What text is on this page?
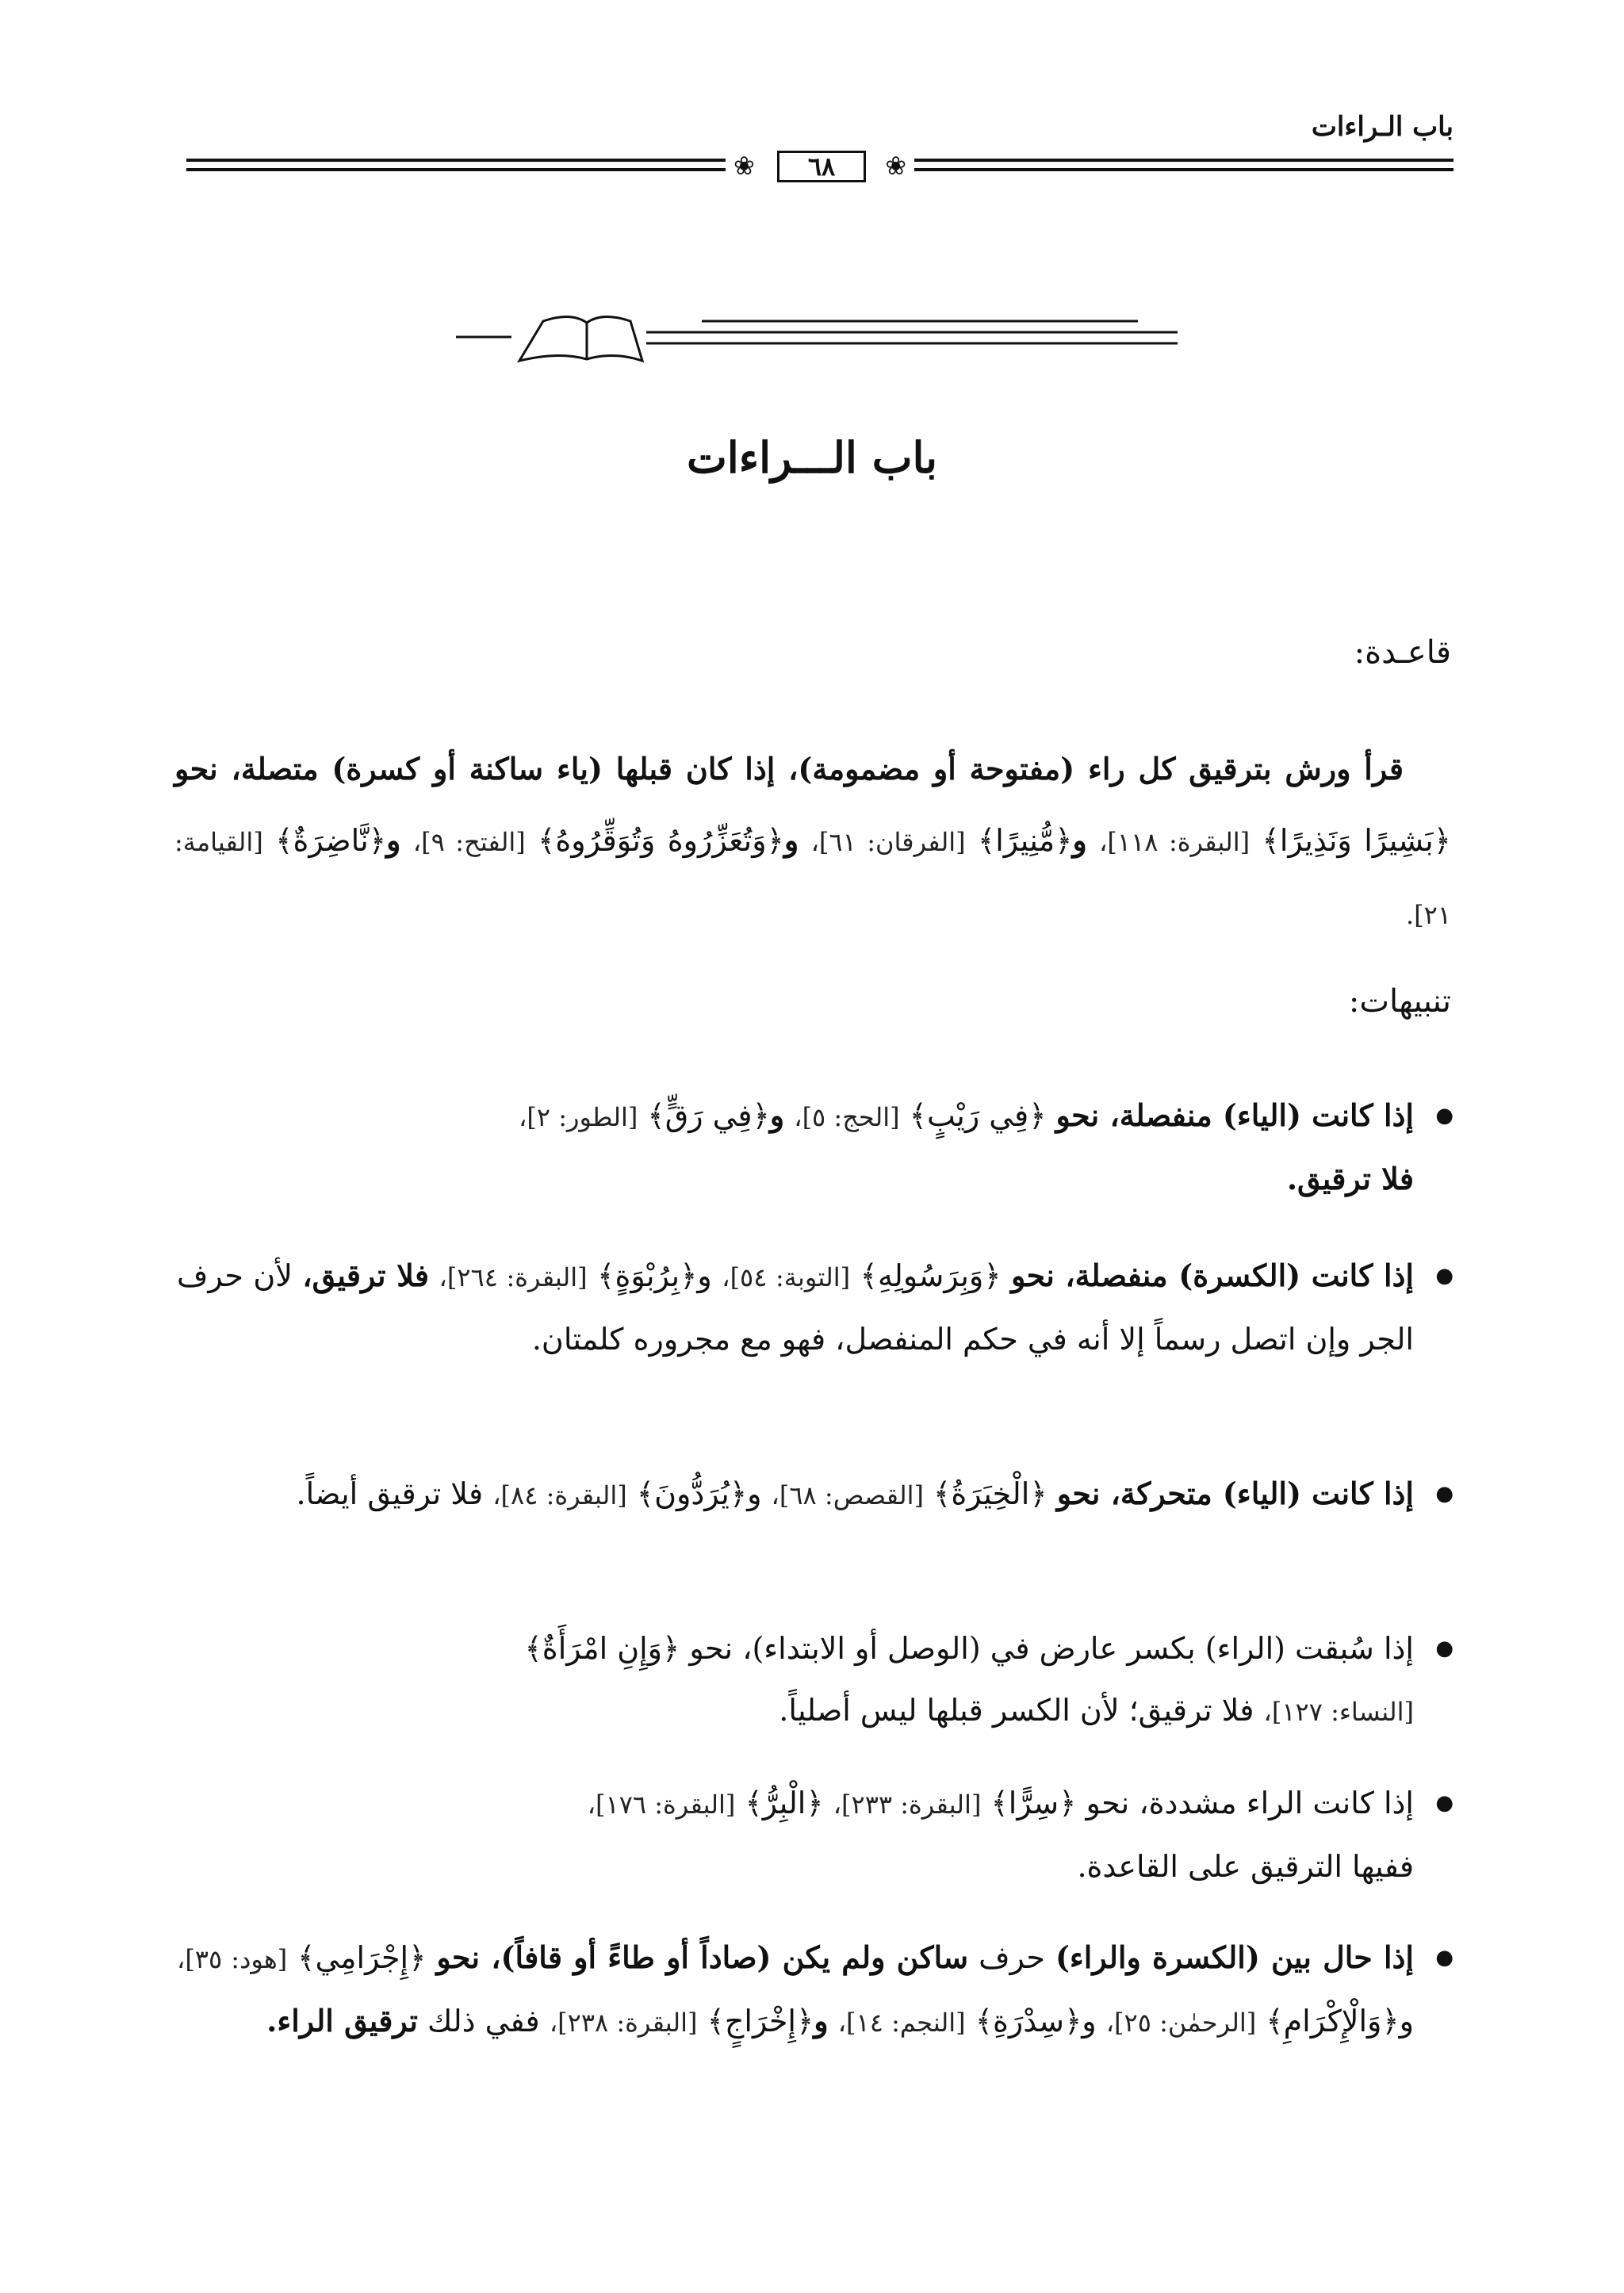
باب الـراءات
❀	٦٨	❀
باب الـــراءات
قاعـدة:

قرأ ورش بترقيق كل راء (مفتوحة أو مضمومة)، إذا كان قبلها (ياء ساكنة أو كسرة) متصلة، نحو ﴿بَشِيرًا وَنَذِيرًا﴾ [البقرة: ١١٨]، و﴿مُّنِيرًا﴾ [الفرقان: ٦١]، و﴿وَتُعَزِّرُوهُ وَتُوَقِّرُوهُ﴾ [الفتح: ٩]، و﴿نَّاضِرَةٌ﴾ [القيامة: ٢١].

تنبيهات:
● إذا كانت (الياء) منفصلة، نحو ﴿فِي رَيْبٍ﴾ [الحج: ٥]، و﴿فِي رَقٍّ﴾ [الطور: ٢]،
فلا ترقيق.
● إذا كانت (الكسرة) منفصلة، نحو ﴿وَبِرَسُولِهِ﴾ [التوبة: ٥٤]، و﴿بِرُبْوَةٍ﴾ [البقرة: ٢٦٤]، فلا ترقيق، لأن حرف الجر وإن اتصل رسماً إلا أنه في حكم المنفصل، فهو مع مجروره كلمتان.
● إذا كانت (الياء) متحركة، نحو ﴿الْخِيَرَةُ﴾ [القصص: ٦٨]، و﴿يُرَدُّونَ﴾ [البقرة: ٨٤]، فلا ترقيق أيضاً.
● إذا سُبقت (الراء) بكسر عارض في (الوصل أو الابتداء)، نحو ﴿وَإِنِ امْرَأَةٌ﴾
[النساء: ١٢٧]، فلا ترقيق؛ لأن الكسر قبلها ليس أصلياً.
● إذا كانت الراء مشددة، نحو ﴿سِرًّا﴾ [البقرة: ٢٣٣]، ﴿الْبِرُّ﴾ [البقرة: ١٧٦]،
ففيها الترقيق على القاعدة.
● إذا حال بين (الكسرة والراء) حرف ساكن ولم يكن (صاداً أو طاءً أو قافاً)، نحو ﴿إِجْرَامِي﴾ [هود: ٣٥]، و﴿وَالْإِكْرَامِ﴾ [الرحمٰن: ٢٥]، و﴿سِدْرَةِ﴾ [النجم: ١٤]، و﴿إِخْرَاجٍ﴾ [البقرة: ٢٣٨]، ففي ذلك ترقيق الراء.
